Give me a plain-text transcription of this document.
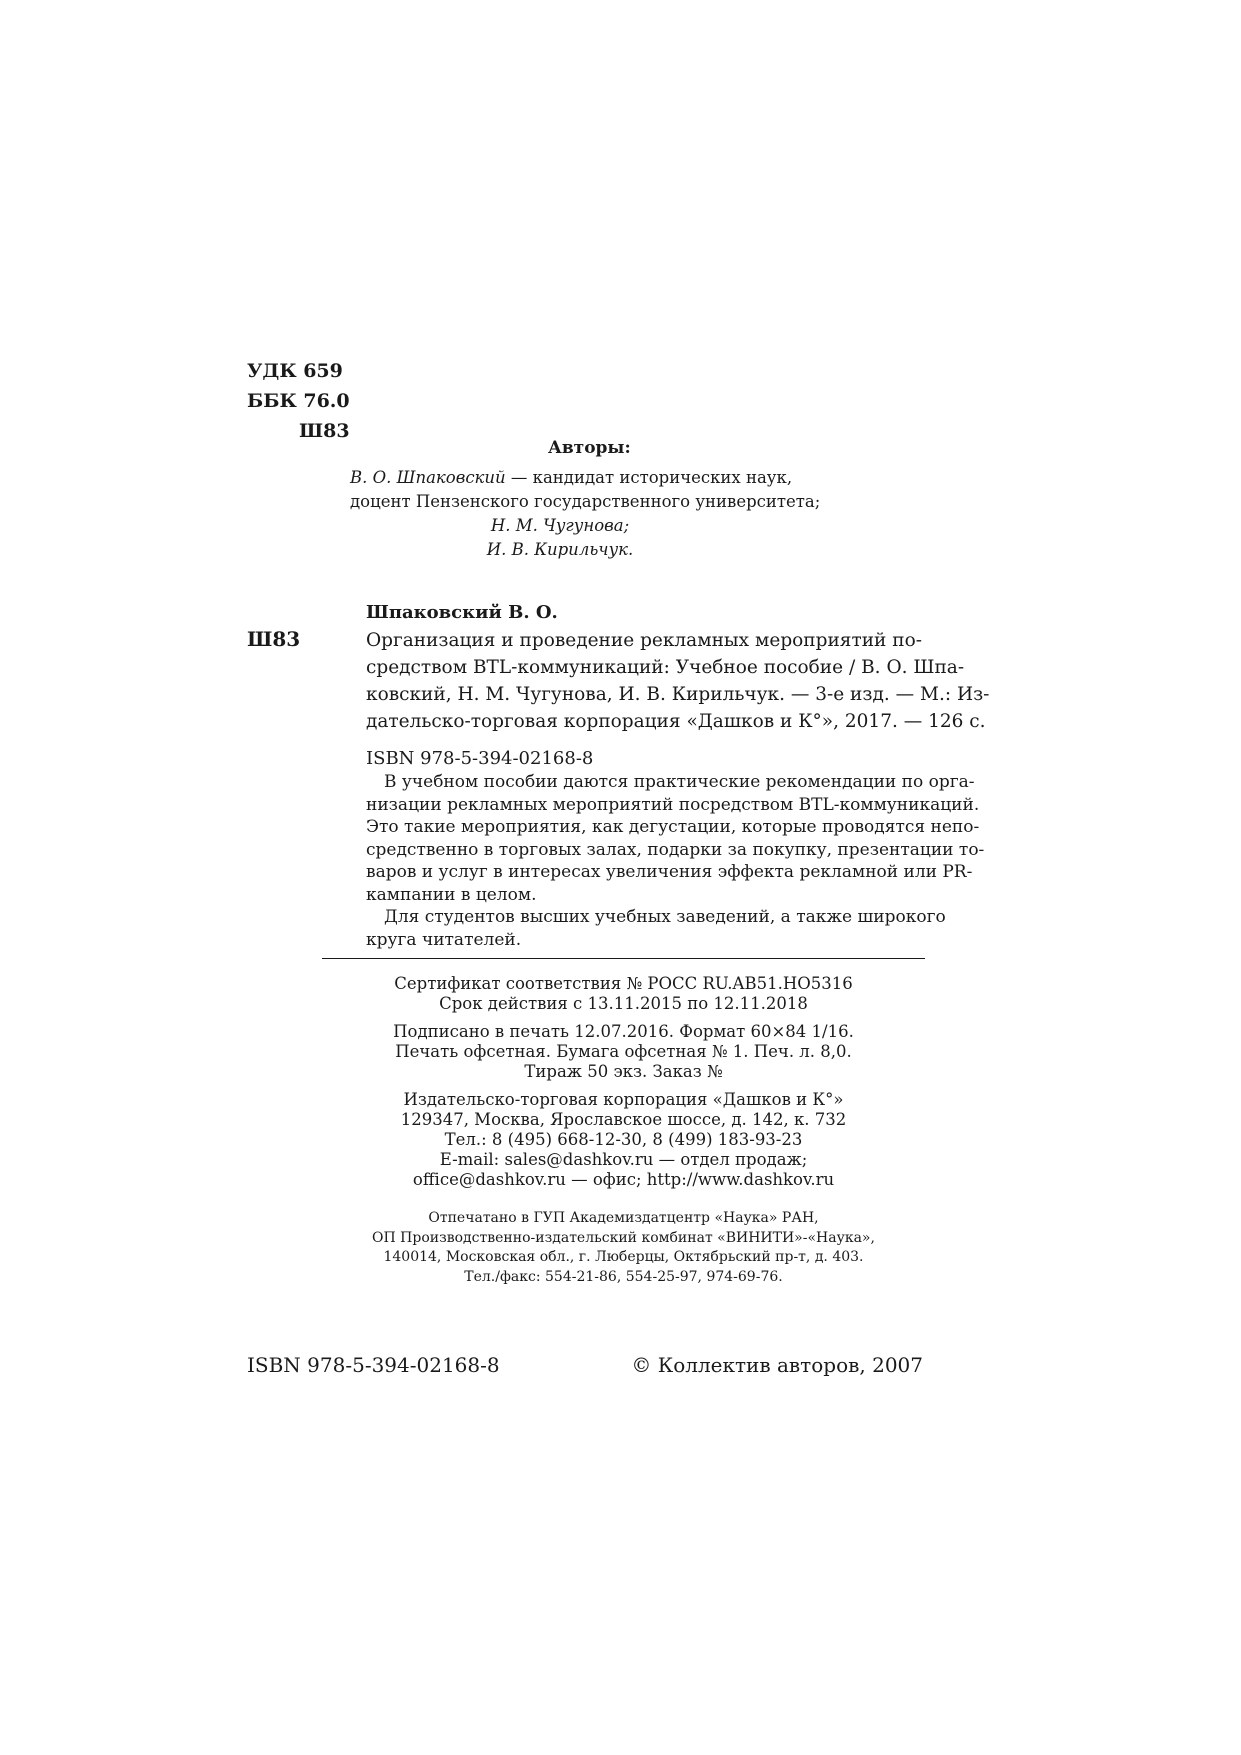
УДК 659
ББК 76.0
Ш83
Авторы:
В. О. Шпаковский — кандидат исторических наук,
доцент Пензенского государственного университета;
Н. М. Чугунова;
И. В. Кирильчук.
Ш83
Шпаковский В. О.
Организация и проведение рекламных мероприятий по-
средством BTL-коммуникаций: Учебное пособие / В. О. Шпа-
ковский, Н. М. Чугунова, И. В. Кирильчук. — 3-е изд. — М.: Из-
дательско-торговая корпорация «Дашков и К°», 2017. — 126 с.
ISBN 978-5-394-02168-8
В учебном пособии даются практические рекомендации по орга-
низации рекламных мероприятий посредством BTL-коммуникаций.
Это такие мероприятия, как дегустации, которые проводятся непо-
средственно в торговых залах, подарки за покупку, презентации то-
варов и услуг в интересах увеличения эффекта рекламной или PR-
кампании в целом.
Для студентов высших учебных заведений, а также широкого
круга читателей.
Сертификат соответствия № РОСС RU.AB51.HO5316
Срок действия с 13.11.2015 по 12.11.2018
Подписано в печать 12.07.2016. Формат 60×84 1/16.
Печать офсетная. Бумага офсетная № 1. Печ. л. 8,0.
Тираж 50 экз. Заказ №
Издательско-торговая корпорация «Дашков и К°»
129347, Москва, Ярославское шоссе, д. 142, к. 732
Тел.: 8 (495) 668-12-30, 8 (499) 183-93-23
E-mail: sales@dashkov.ru — отдел продаж;
office@dashkov.ru — офис; http://www.dashkov.ru
Отпечатано в ГУП Академиздатцентр «Наука» РАН,
ОП Производственно-издательский комбинат «ВИНИТИ»-«Наука»,
140014, Московская обл., г. Люберцы, Октябрьский пр-т, д. 403.
Тел./факс: 554-21-86, 554-25-97, 974-69-76.
ISBN 978-5-394-02168-8	© Коллектив авторов, 2007
